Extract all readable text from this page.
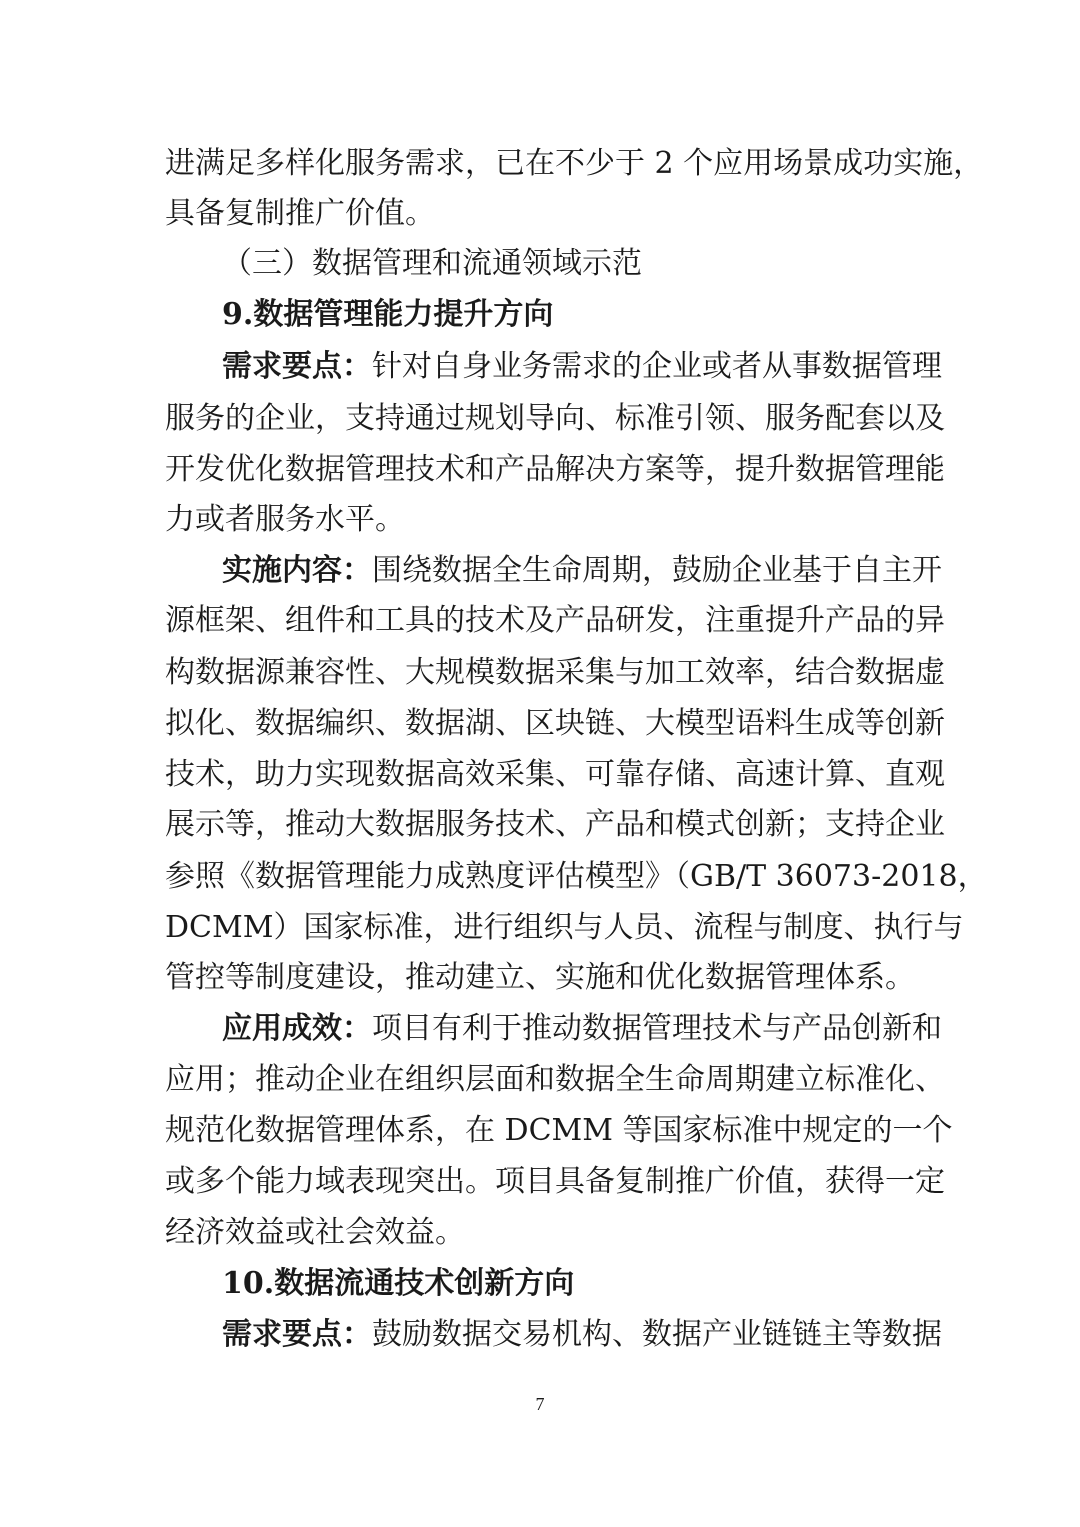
进满足多样化服务需求，已在不少于 2 个应用场景成功实施，
具备复制推广价值。
（三）数据管理和流通领域示范
9.数据管理能力提升方向
需求要点：针对自身业务需求的企业或者从事数据管理
服务的企业，支持通过规划导向、标准引领、服务配套以及
开发优化数据管理技术和产品解决方案等，提升数据管理能
力或者服务水平。
实施内容：围绕数据全生命周期，鼓励企业基于自主开
源框架、组件和工具的技术及产品研发，注重提升产品的异
构数据源兼容性、大规模数据采集与加工效率，结合数据虚
拟化、数据编织、数据湖、区块链、大模型语料生成等创新
技术，助力实现数据高效采集、可靠存储、高速计算、直观
展示等，推动大数据服务技术、产品和模式创新；支持企业
参照《数据管理能力成熟度评估模型》（GB/T 36073-2018，
DCMM）国家标准，进行组织与人员、流程与制度、执行与
管控等制度建设，推动建立、实施和优化数据管理体系。
应用成效：项目有利于推动数据管理技术与产品创新和
应用；推动企业在组织层面和数据全生命周期建立标准化、
规范化数据管理体系，在 DCMM 等国家标准中规定的一个
或多个能力域表现突出。项目具备复制推广价值，获得一定
经济效益或社会效益。
10.数据流通技术创新方向
需求要点：鼓励数据交易机构、数据产业链链主等数据
7
